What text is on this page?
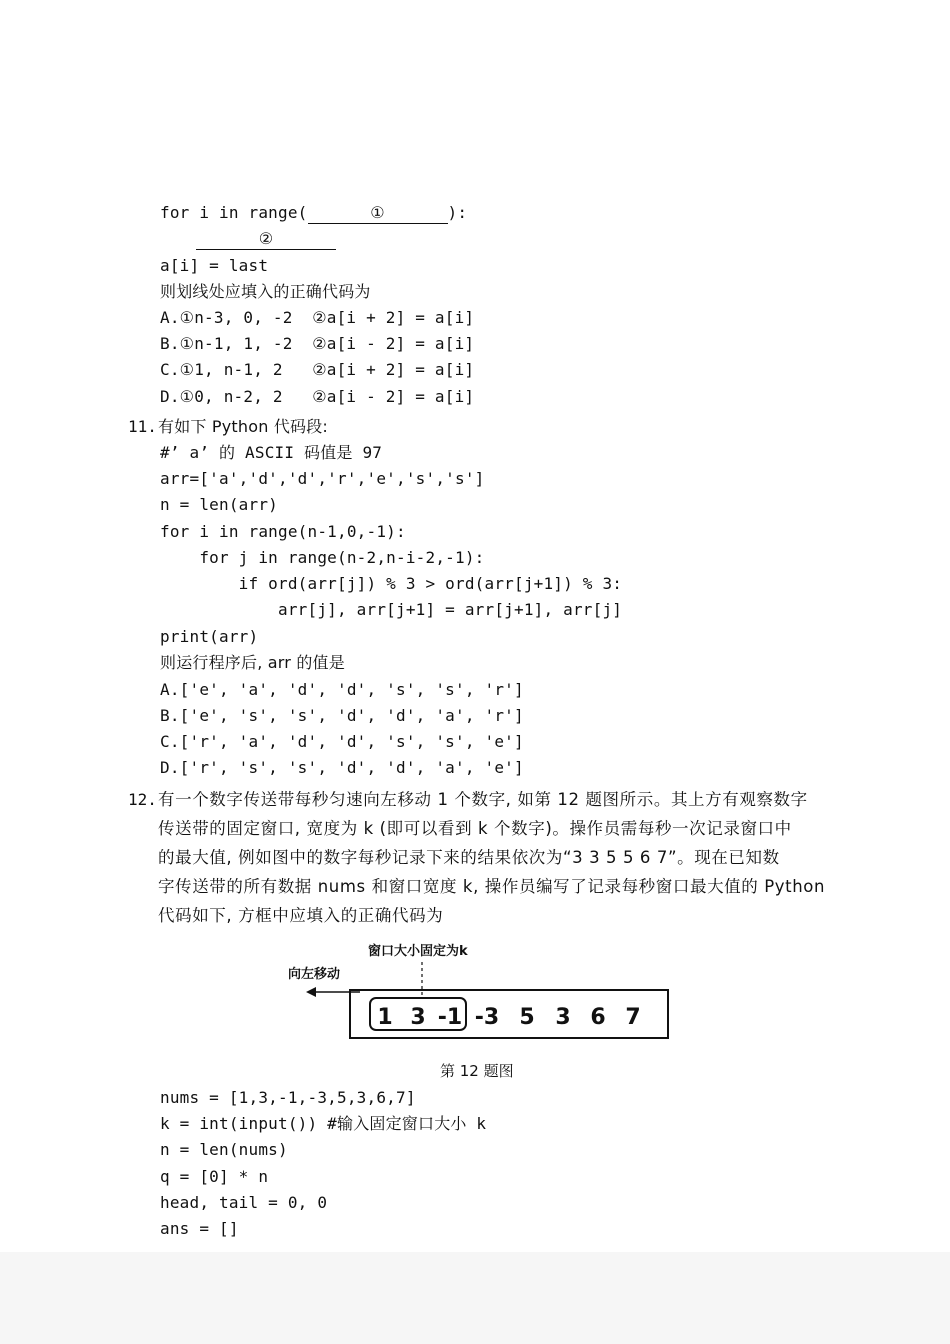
for i in range(	①	):
②
a[i] = last
则划线处应填入的正确代码为
A.①n-3, 0, -2  ②a[i + 2] = a[i]
B.①n-1, 1, -2  ②a[i - 2] = a[i]
C.①1, n-1, 2   ②a[i + 2] = a[i]
D.①0, n-2, 2   ②a[i - 2] = a[i]
11. 有如下 Python 代码段:
#’ a’ 的 ASCII 码值是 97
arr=['a','d','d','r','e','s','s']
n = len(arr)
for i in range(n-1,0,-1):
for j in range(n-2,n-i-2,-1):
if ord(arr[j]) % 3 > ord(arr[j+1]) % 3:
arr[j], arr[j+1] = arr[j+1], arr[j]
print(arr)
则运行程序后, arr 的值是
A.['e', 'a', 'd', 'd', 's', 's', 'r']
B.['e', 's', 's', 'd', 'd', 'a', 'r']
C.['r', 'a', 'd', 'd', 's', 's', 'e']
D.['r', 's', 's', 'd', 'd', 'a', 'e']
12. 有一个数字传送带每秒匀速向左移动 1 个数字, 如第 12 题图所示。其上方有观察数字
传送带的固定窗口, 宽度为 k (即可以看到 k 个数字)。操作员需每秒一次记录窗口中
的最大值, 例如图中的数字每秒记录下来的结果依次为“3 3 5 5 6 7”。现在已知数
字传送带的所有数据 nums 和窗口宽度 k, 操作员编写了记录每秒窗口最大值的 Python
代码如下, 方框中应填入的正确代码为
窗口大小固定为k
向左移动
1 3 -1 -3 5 3 6 7
第 12 题图
nums = [1,3,-1,-3,5,3,6,7]
k = int(input()) #输入固定窗口大小 k
n = len(nums)
q = [0] * n
head, tail = 0, 0
ans = []
